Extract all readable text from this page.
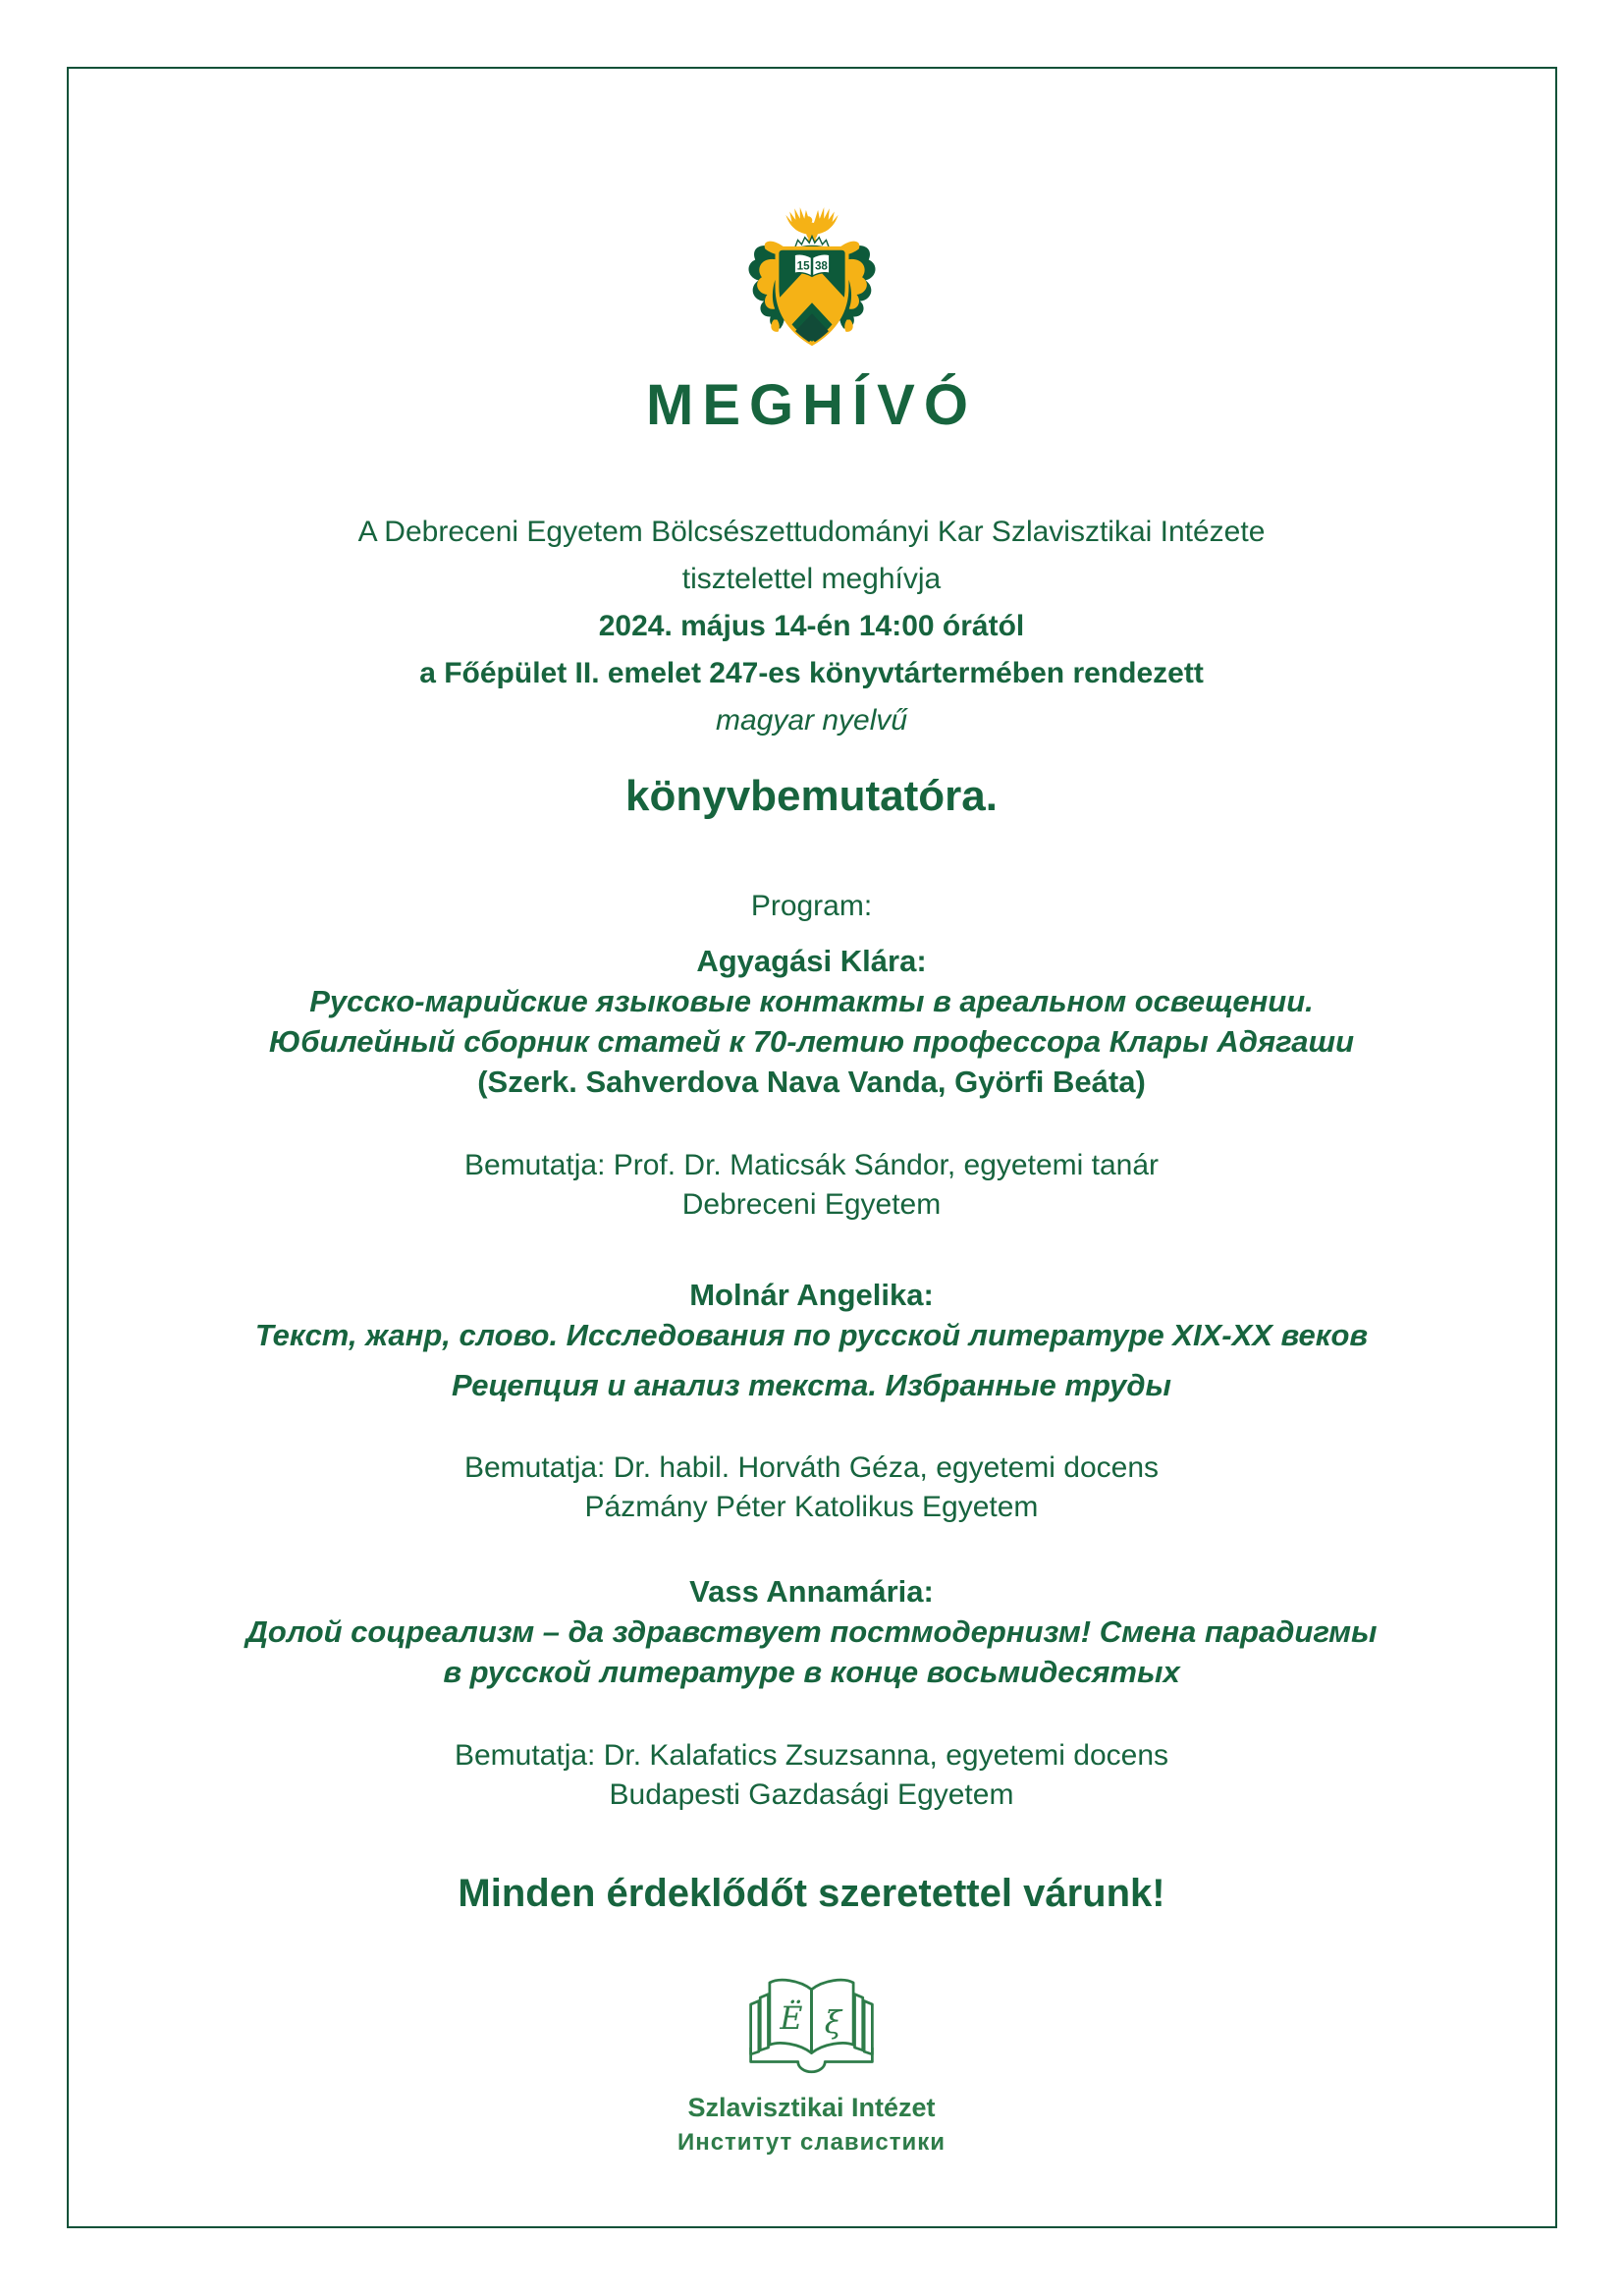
15 38
MEGHÍVÓ

A Debreceni Egyetem Bölcsészettudományi Kar Szlavisztikai Intézete

tisztelettel meghívja

2024. május 14-én 14:00 órától

a Főépület II. emelet 247-es könyvtártermében rendezett

magyar nyelvű

könyvbemutatóra.

Program:

Agyagási Klára:

Русско-марийские языковые контакты в ареальном освещении.

Юбилейный сборник статей к 70-летию профессора Клары Адягаши

(Szerk. Sahverdova Nava Vanda, Györfi Beáta)

Bemutatja: Prof. Dr. Maticsák Sándor, egyetemi tanár

Debreceni Egyetem

Molnár Angelika:

Текст, жанр, слово. Исследования по русской литературе XIX-XX веков

Рецепция и анализ текста. Избранные труды

Bemutatja: Dr. habil. Horváth Géza, egyetemi docens

Pázmány Péter Katolikus Egyetem

Vass Annamária:

Долой соцреализм – да здравствует постмодернизм! Смена парадигмы

в русской литературе в конце восьмидесятых

Bemutatja: Dr. Kalafatics Zsuzsanna, egyetemi docens

Budapesti Gazdasági Egyetem

Minden érdeklődőt szeretettel várunk!

Ё ξ

Szlavisztikai Intézet

Институт славистики
